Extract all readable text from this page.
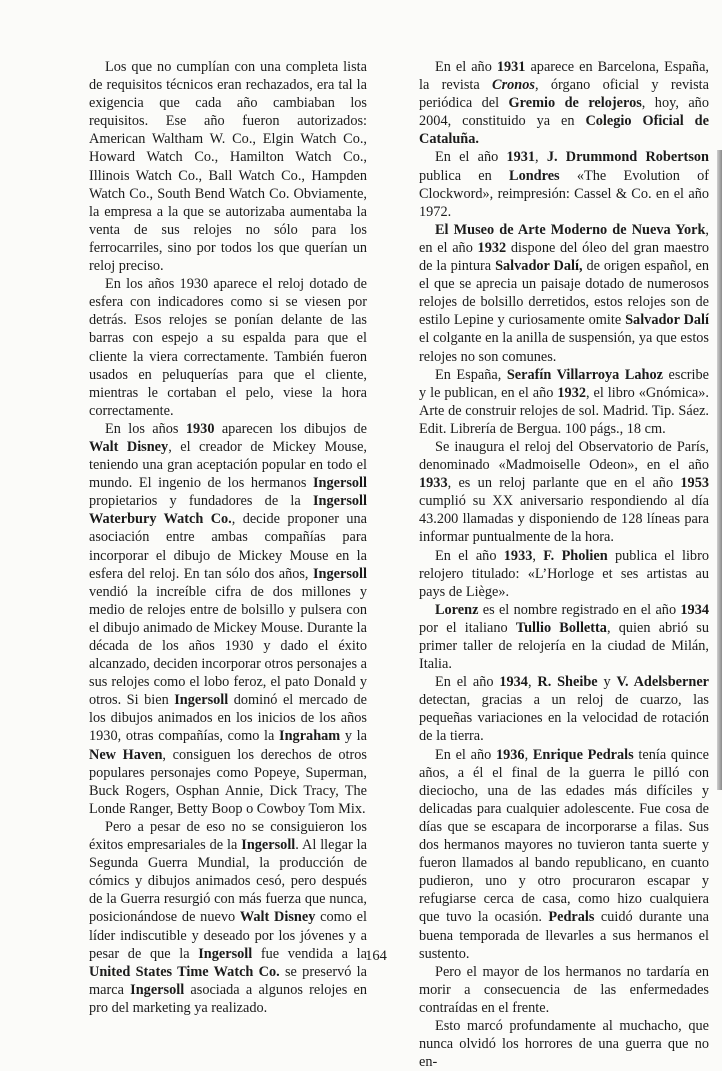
Los que no cumplían con una completa lista de requisitos técnicos eran rechazados, era tal la exigencia que cada año cambiaban los requisitos. Ese año fueron autorizados: American Waltham W. Co., Elgin Watch Co., Howard Watch Co., Hamilton Watch Co., Illinois Watch Co., Ball Watch Co., Hampden Watch Co., South Bend Watch Co. Obviamente, la empresa a la que se autorizaba aumentaba la venta de sus relojes no sólo para los ferrocarriles, sino por todos los que querían un reloj preciso.

En los años 1930 aparece el reloj dotado de esfera con indicadores como si se viesen por detrás. Esos relojes se ponían delante de las barras con espejo a su espalda para que el cliente la viera correctamente. También fueron usados en peluquerías para que el cliente, mientras le cortaban el pelo, viese la hora correctamente.

En los años 1930 aparecen los dibujos de Walt Disney, el creador de Mickey Mouse, teniendo una gran aceptación popular en todo el mundo. El ingenio de los hermanos Ingersoll propietarios y fundadores de la Ingersoll Waterbury Watch Co., decide proponer una asociación entre ambas compañías para incorporar el dibujo de Mickey Mouse en la esfera del reloj. En tan sólo dos años, Ingersoll vendió la increíble cifra de dos millones y medio de relojes entre de bolsillo y pulsera con el dibujo animado de Mickey Mouse. Durante la década de los años 1930 y dado el éxito alcanzado, deciden incorporar otros personajes a sus relojes como el lobo feroz, el pato Donald y otros. Si bien Ingersoll dominó el mercado de los dibujos animados en los inicios de los años 1930, otras compañías, como la Ingraham y la New Haven, consiguen los derechos de otros populares personajes como Popeye, Superman, Buck Rogers, Osphan Annie, Dick Tracy, The Londe Ranger, Betty Boop o Cowboy Tom Mix.

Pero a pesar de eso no se consiguieron los éxitos empresariales de la Ingersoll. Al llegar la Segunda Guerra Mundial, la producción de cómics y dibujos animados cesó, pero después de la Guerra resurgió con más fuerza que nunca, posicionándose de nuevo Walt Disney como el líder indiscutible y deseado por los jóvenes y a pesar de que la Ingersoll fue vendida a la United States Time Watch Co. se preservó la marca Ingersoll asociada a algunos relojes en pro del marketing ya realizado.

En el año 1931 aparece en Barcelona, España, la revista Cronos, órgano oficial y revista periódica del Gremio de relojeros, hoy, año 2004, constituido ya en Colegio Oficial de Cataluña.

En el año 1931, J. Drummond Robertson publica en Londres «The Evolution of Clockword», reimpresión: Cassel & Co. en el año 1972.

El Museo de Arte Moderno de Nueva York, en el año 1932 dispone del óleo del gran maestro de la pintura Salvador Dalí, de origen español, en el que se aprecia un paisaje dotado de numerosos relojes de bolsillo derretidos, estos relojes son de estilo Lepine y curiosamente omite Salvador Dalí el colgante en la anilla de suspensión, ya que estos relojes no son comunes.

En España, Serafín Villarroya Lahoz escribe y le publican, en el año 1932, el libro «Gnómica». Arte de construir relojes de sol. Madrid. Tip. Sáez. Edit. Librería de Bergua. 100 págs., 18 cm.

Se inaugura el reloj del Observatorio de París, denominado «Madmoiselle Odeon», en el año 1933, es un reloj parlante que en el año 1953 cumplió su XX aniversario respondiendo al día 43.200 llamadas y disponiendo de 128 líneas para informar puntualmente de la hora.

En el año 1933, F. Pholien publica el libro relojero titulado: «L’Horloge et ses artistas au pays de Liège».

Lorenz es el nombre registrado en el año 1934 por el italiano Tullio Bolletta, quien abrió su primer taller de relojería en la ciudad de Milán, Italia.

En el año 1934, R. Sheibe y V. Adelsberner detectan, gracias a un reloj de cuarzo, las pequeñas variaciones en la velocidad de rotación de la tierra.

En el año 1936, Enrique Pedrals tenía quince años, a él el final de la guerra le pilló con dieciocho, una de las edades más difíciles y delicadas para cualquier adolescente. Fue cosa de días que se escapara de incorporarse a filas. Sus dos hermanos mayores no tuvieron tanta suerte y fueron llamados al bando republicano, en cuanto pudieron, uno y otro procuraron escapar y refugiarse cerca de casa, como hizo cualquiera que tuvo la ocasión. Pedrals cuidó durante una buena temporada de llevarles a sus hermanos el sustento.

Pero el mayor de los hermanos no tardaría en morir a consecuencia de las enfermedades contraídas en el frente.

Esto marcó profundamente al muchacho, que nunca olvidó los horrores de una guerra que no en-

164
